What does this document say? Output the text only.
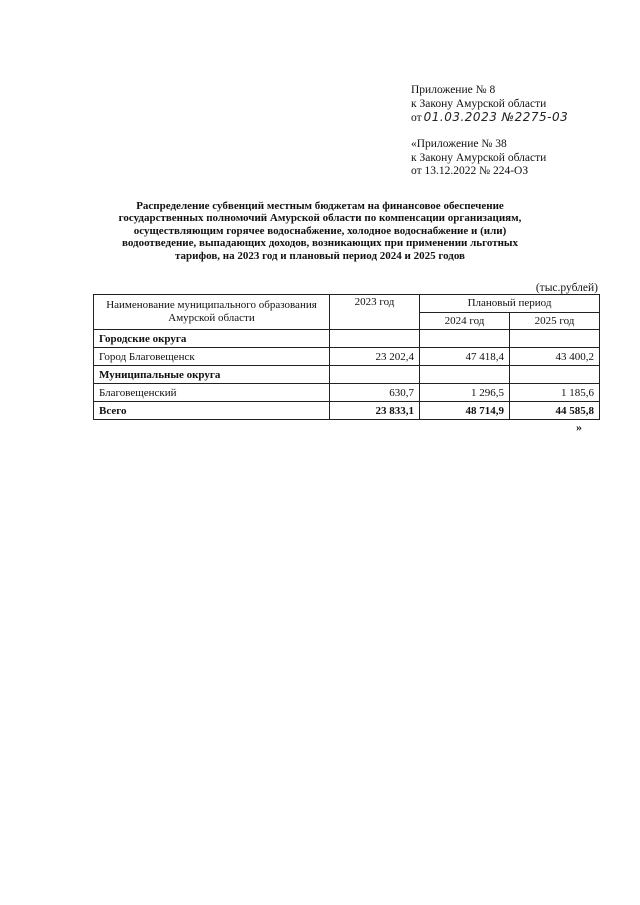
Приложение № 8
к Закону Амурской области
от 01.03.2023 №2275-03
«Приложение № 38
к Закону Амурской области
от 13.12.2022 № 224-ОЗ
Распределение субвенций местным бюджетам на финансовое обеспечение государственных полномочий Амурской области по компенсации организациям, осуществляющим горячее водоснабжение, холодное водоснабжение и (или) водоотведение, выпадающих доходов, возникающих при применении льготных тарифов, на 2023 год и плановый период 2024 и 2025 годов
(тыс.рублей)
Наименование муниципального образования Амурской области	2023 год	Плановый период	
		2024 год	2025 год
Городские округа			
Город Благовещенск	23 202,4	47 418,4	43 400,2
Муниципальные округа			
Благовещенский	630,7	1 296,5	1 185,6
Всего	23 833,1	48 714,9	44 585,8
»
